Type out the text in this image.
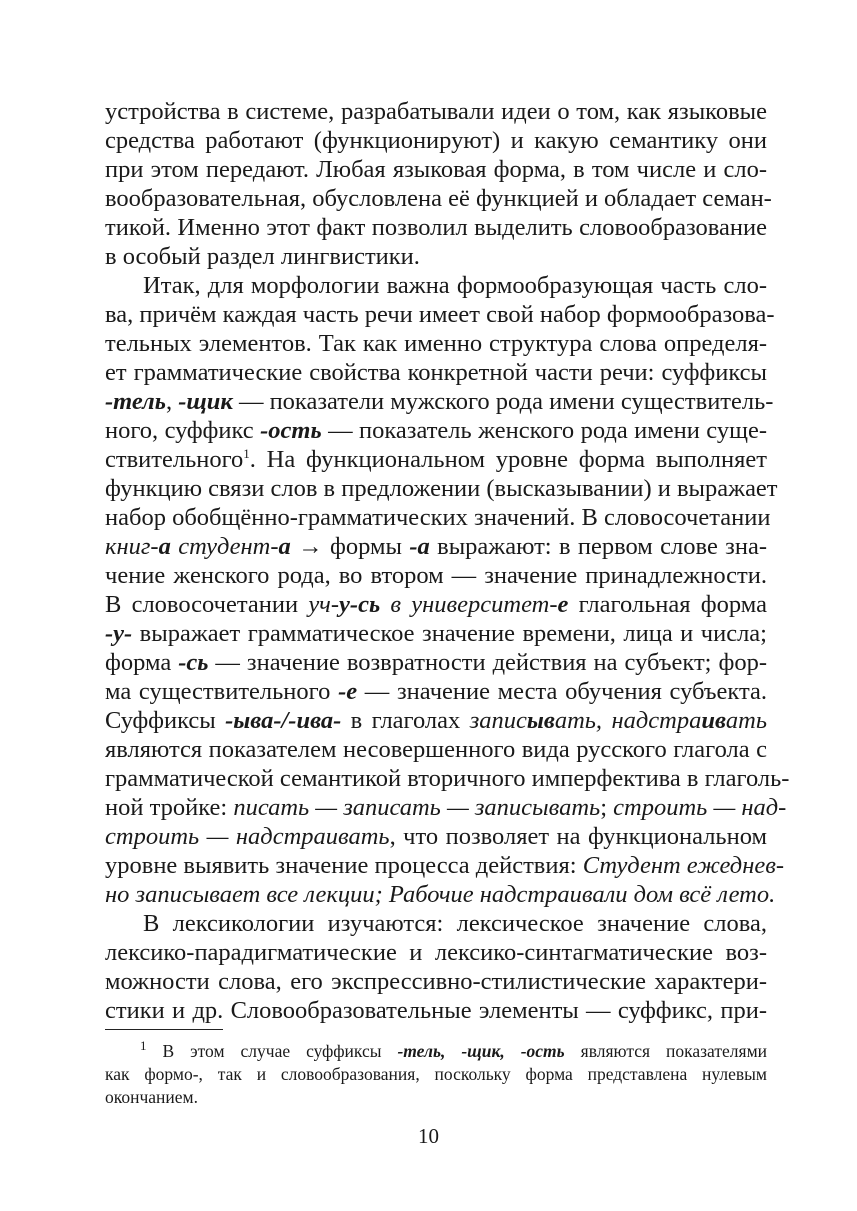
устройства в системе, разрабатывали идеи о том, как языковые
средства работают (функционируют) и какую семантику они
при этом передают. Любая языковая форма, в том числе и сло-
вообразовательная, обусловлена её функцией и обладает семан-
тикой. Именно этот факт позволил выделить словообразование
в особый раздел лингвистики.
Итак, для морфологии важна формообразующая часть сло-
ва, причём каждая часть речи имеет свой набор формообразова-
тельных элементов. Так как именно структура слова определя-
ет грамматические свойства конкретной части речи: суффиксы
-тель, -щик — показатели мужского рода имени существитель-
ного, суффикс -ость — показатель женского рода имени суще-
ствительного$^1$. На функциональном уровне форма выполняет
функцию связи слов в предложении (высказывании) и выражает
набор обобщённо-грамматических значений. В словосочетании
книг-а студент-а → формы -а выражают: в первом слове зна-
чение женского рода, во втором — значение принадлежности.
В словосочетании уч-у-сь в университет-е глагольная форма
-у- выражает грамматическое значение времени, лица и числа;
форма -сь — значение возвратности действия на субъект; фор-
ма существительного -е — значение места обучения субъекта.
Суффиксы -ыва-/-ива- в глаголах записывать, надстраивать
являются показателем несовершенного вида русского глагола с
грамматической семантикой вторичного имперфектива в глаголь-
ной тройке: писать — записать — записывать; строить — над-
строить — надстраивать, что позволяет на функциональном
уровне выявить значение процесса действия: Студент ежеднев-
но записывает все лекции; Рабочие надстраивали дом всё лето.
В лексикологии изучаются: лексическое значение слова,
лексико-парадигматические и лексико-синтагматические воз-
можности слова, его экспрессивно-стилистические характери-
стики и др. Словообразовательные элементы — суффикс, при-
$^1$ В этом случае суффиксы -тель, -щик, -ость являются показателями
как формо-, так и словообразования, поскольку форма представлена нулевым
окончанием.
10
